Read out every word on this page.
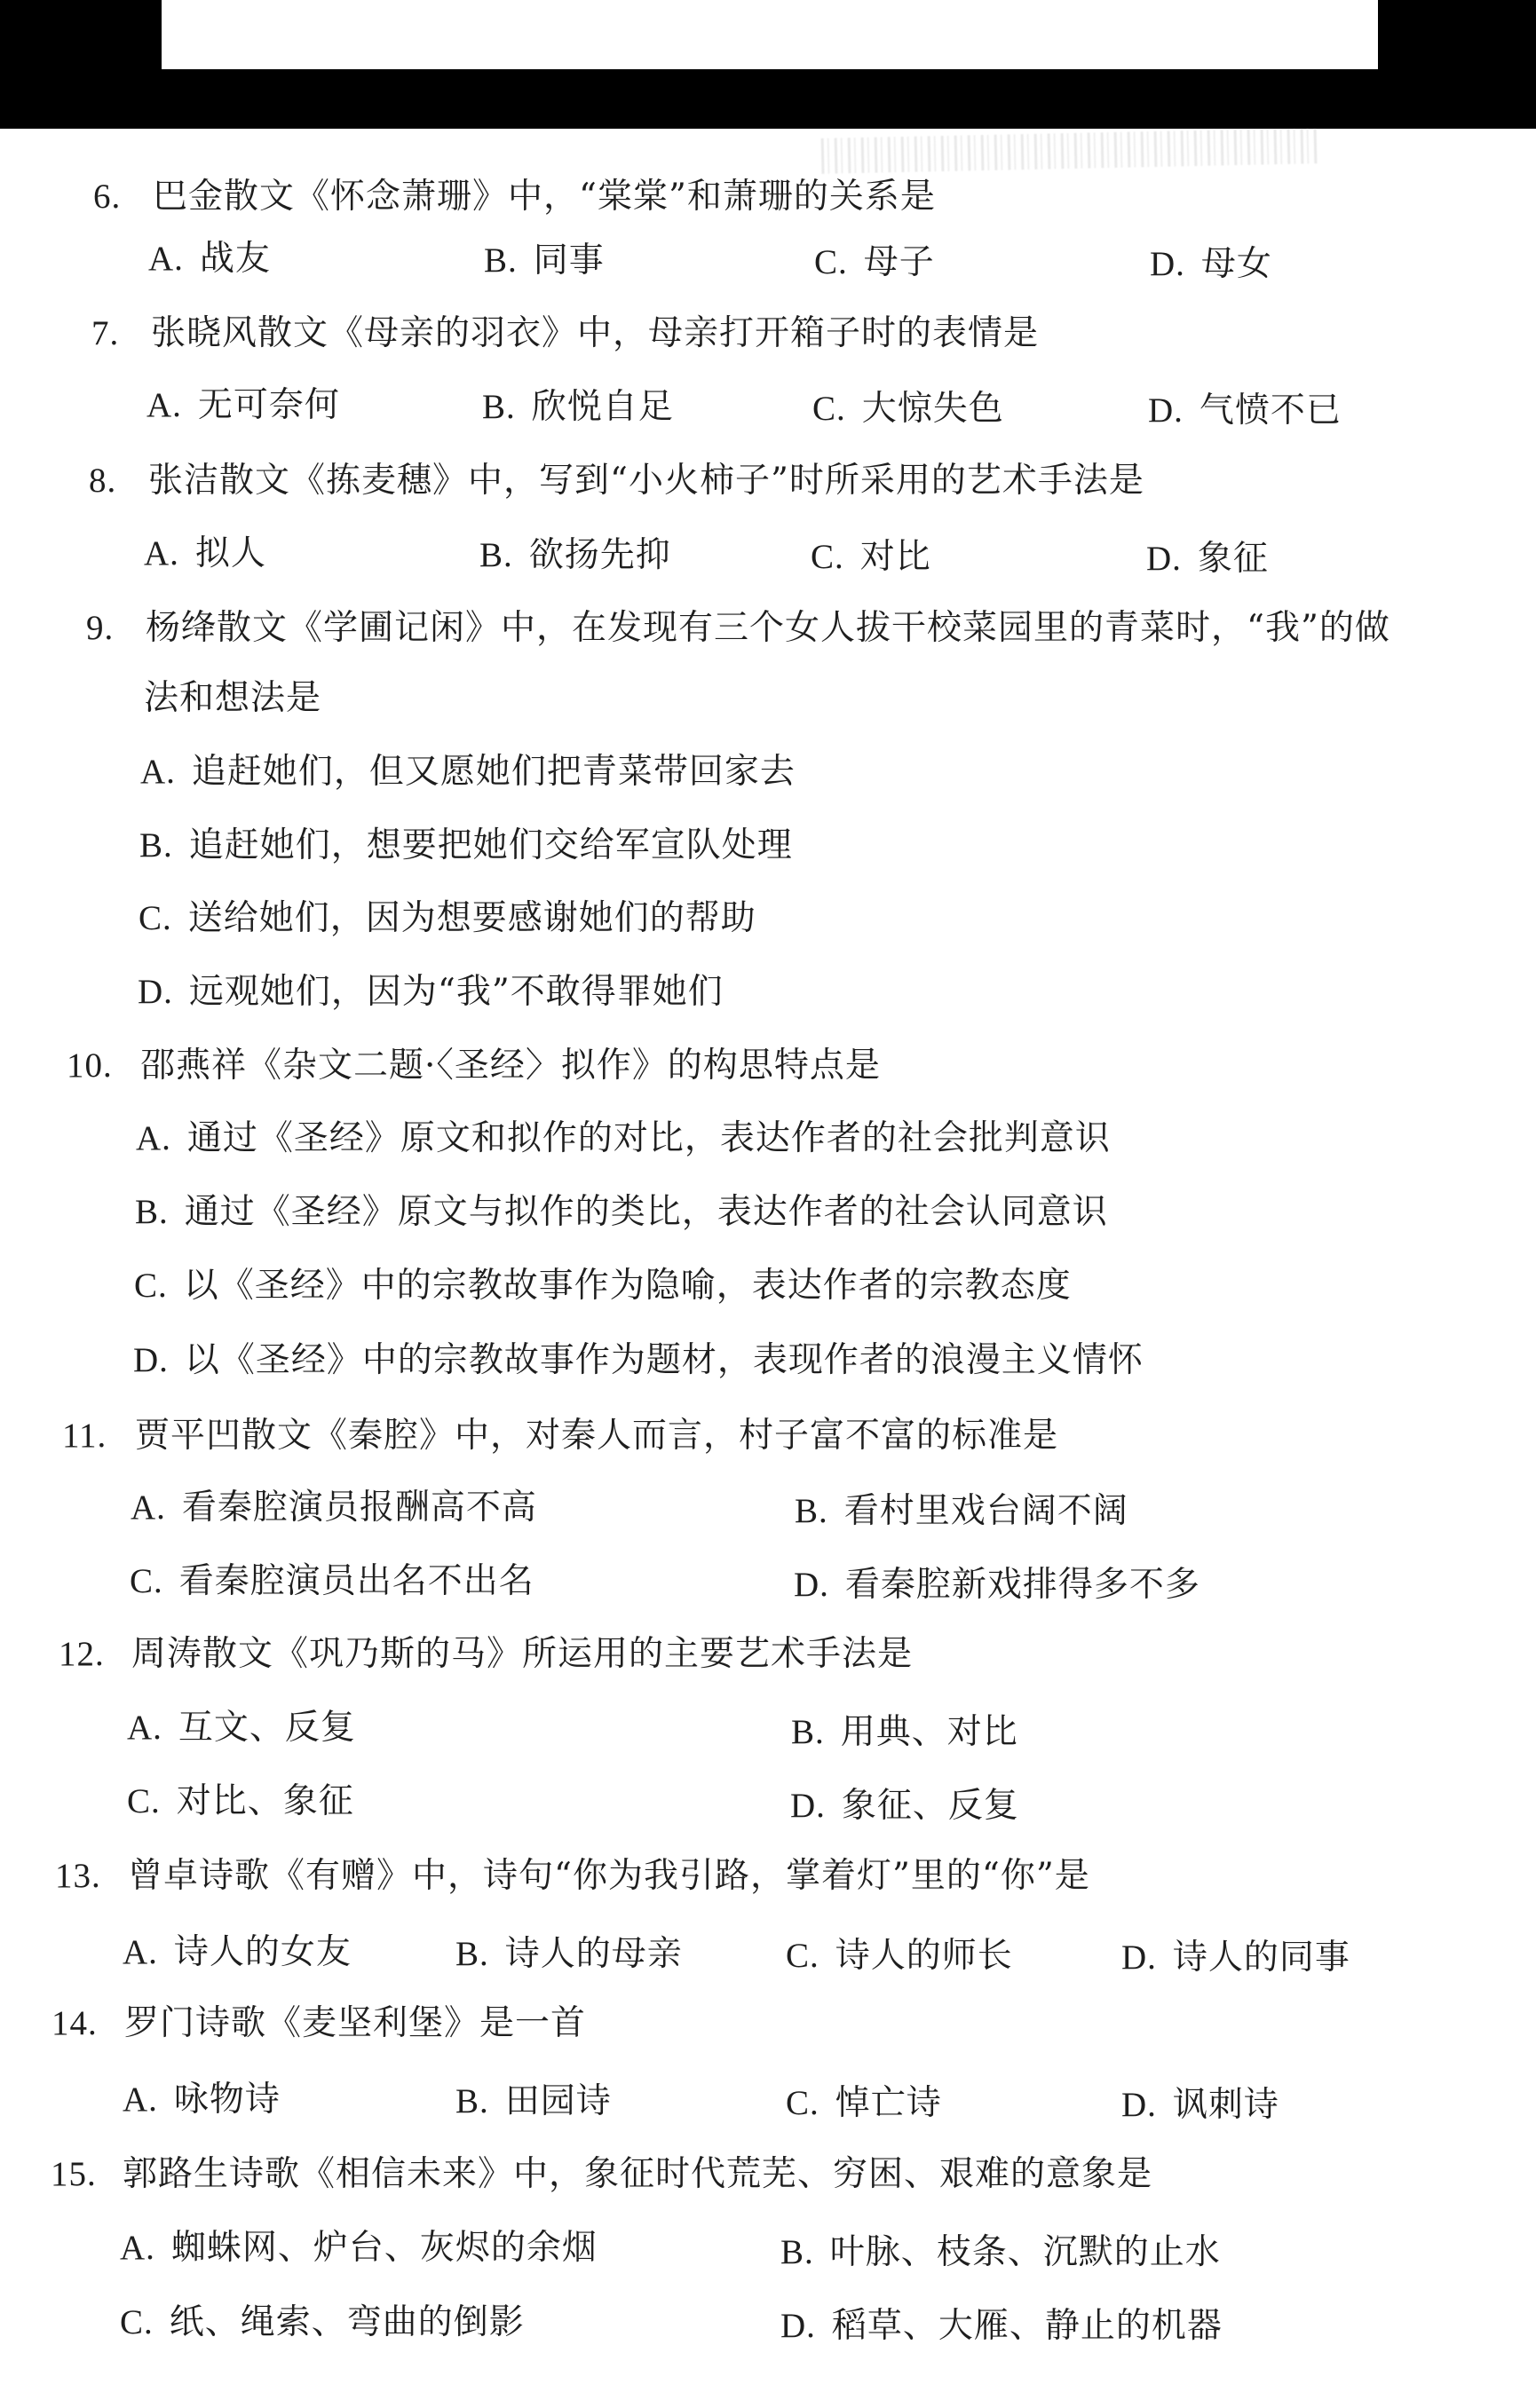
6. 巴金散文《怀念萧珊》中，“棠棠”和萧珊的关系是
A. 战友	B. 同事	C. 母子	D. 母女
7. 张晓风散文《母亲的羽衣》中，母亲打开箱子时的表情是
A. 无可奈何	B. 欣悦自足	C. 大惊失色	D. 气愤不已
8. 张洁散文《拣麦穗》中，写到“小火柿子”时所采用的艺术手法是
A. 拟人	B. 欲扬先抑	C. 对比	D. 象征
9. 杨绛散文《学圃记闲》中，在发现有三个女人拔干校菜园里的青菜时，“我”的做
法和想法是
A. 追赶她们，但又愿她们把青菜带回家去
B. 追赶她们，想要把她们交给军宣队处理
C. 送给她们，因为想要感谢她们的帮助
D. 远观她们，因为“我”不敢得罪她们
10. 邵燕祥《杂文二题·〈圣经〉拟作》的构思特点是
A. 通过《圣经》原文和拟作的对比，表达作者的社会批判意识
B. 通过《圣经》原文与拟作的类比，表达作者的社会认同意识
C. 以《圣经》中的宗教故事作为隐喻，表达作者的宗教态度
D. 以《圣经》中的宗教故事作为题材，表现作者的浪漫主义情怀
11. 贾平凹散文《秦腔》中，对秦人而言，村子富不富的标准是
A. 看秦腔演员报酬高不高	B. 看村里戏台阔不阔
C. 看秦腔演员出名不出名	D. 看秦腔新戏排得多不多
12. 周涛散文《巩乃斯的马》所运用的主要艺术手法是
A. 互文、反复	B. 用典、对比
C. 对比、象征	D. 象征、反复
13. 曾卓诗歌《有赠》中，诗句“你为我引路，掌着灯”里的“你”是
A. 诗人的女友	B. 诗人的母亲	C. 诗人的师长	D. 诗人的同事
14. 罗门诗歌《麦坚利堡》是一首
A. 咏物诗	B. 田园诗	C. 悼亡诗	D. 讽刺诗
15. 郭路生诗歌《相信未来》中，象征时代荒芜、穷困、艰难的意象是
A. 蜘蛛网、炉台、灰烬的余烟	B. 叶脉、枝条、沉默的止水
C. 纸、绳索、弯曲的倒影	D. 稻草、大雁、静止的机器
